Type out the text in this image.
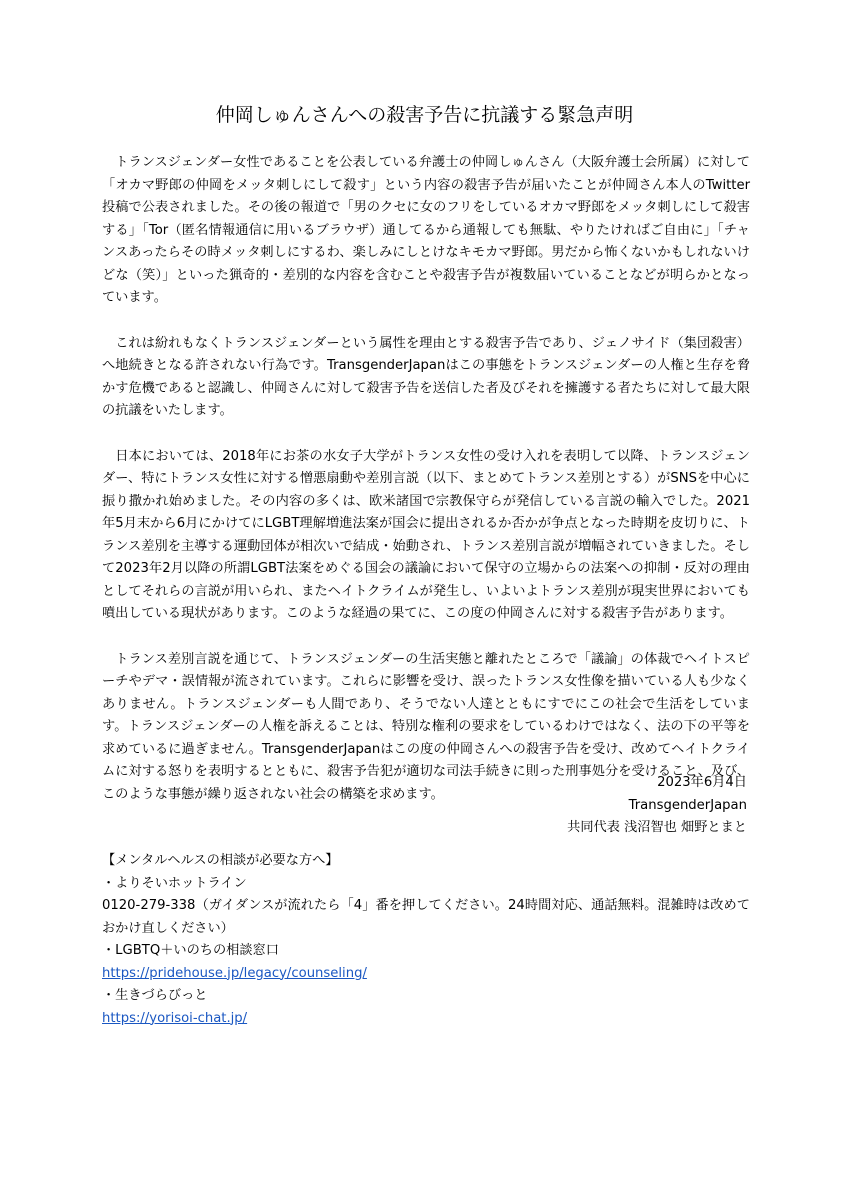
仲岡しゅんさんへの殺害予告に抗議する緊急声明

トランスジェンダー女性であることを公表している弁護士の仲岡しゅんさん（大阪弁護士会所属）に対して「オカマ野郎の仲岡をメッタ刺しにして殺す」という内容の殺害予告が届いたことが仲岡さん本人のTwitter投稿で公表されました。その後の報道で「男のクセに女のフリをしているオカマ野郎をメッタ刺しにして殺害する」「Tor（匿名情報通信に用いるブラウザ）通してるから通報しても無駄、やりたければご自由に」「チャンスあったらその時メッタ刺しにするわ、楽しみにしとけなキモカマ野郎。男だから怖くないかもしれないけどな（笑）」といった猟奇的・差別的な内容を含むことや殺害予告が複数届いていることなどが明らかとなっています。

これは紛れもなくトランスジェンダーという属性を理由とする殺害予告であり、ジェノサイド（集団殺害）へ地続きとなる許されない行為です。TransgenderJapanはこの事態をトランスジェンダーの人権と生存を脅かす危機であると認識し、仲岡さんに対して殺害予告を送信した者及びそれを擁護する者たちに対して最大限の抗議をいたします。

日本においては、2018年にお茶の水女子大学がトランス女性の受け入れを表明して以降、トランスジェンダー、特にトランス女性に対する憎悪扇動や差別言説（以下、まとめてトランス差別とする）がSNSを中心に振り撒かれ始めました。その内容の多くは、欧米諸国で宗教保守らが発信している言説の輸入でした。2021年5月末から6月にかけてにLGBT理解増進法案が国会に提出されるか否かが争点となった時期を皮切りに、トランス差別を主導する運動団体が相次いで結成・始動され、トランス差別言説が増幅されていきました。そして2023年2月以降の所謂LGBT法案をめぐる国会の議論において保守の立場からの法案への抑制・反対の理由としてそれらの言説が用いられ、またヘイトクライムが発生し、いよいよトランス差別が現実世界においても噴出している現状があります。このような経過の果てに、この度の仲岡さんに対する殺害予告があります。

トランス差別言説を通じて、トランスジェンダーの生活実態と離れたところで「議論」の体裁でヘイトスピーチやデマ・誤情報が流されています。これらに影響を受け、誤ったトランス女性像を描いている人も少なくありません。トランスジェンダーも人間であり、そうでない人達とともにすでにこの社会で生活をしています。トランスジェンダーの人権を訴えることは、特別な権利の要求をしているわけではなく、法の下の平等を求めているに過ぎません。TransgenderJapanはこの度の仲岡さんへの殺害予告を受け、改めてヘイトクライムに対する怒りを表明するとともに、殺害予告犯が適切な司法手続きに則った刑事処分を受けること、及び、このような事態が繰り返されない社会の構築を求めます。

2023年6月4日
TransgenderJapan
共同代表 浅沼智也 畑野とまと
【メンタルヘルスの相談が必要な方へ】
・よりそいホットライン
0120-279-338（ガイダンスが流れたら「4」番を押してください。24時間対応、通話無料。混雑時は改めておかけ直しください）
・LGBTQ＋いのちの相談窓口
https://pridehouse.jp/legacy/counseling/
・生きづらびっと
https://yorisoi-chat.jp/
